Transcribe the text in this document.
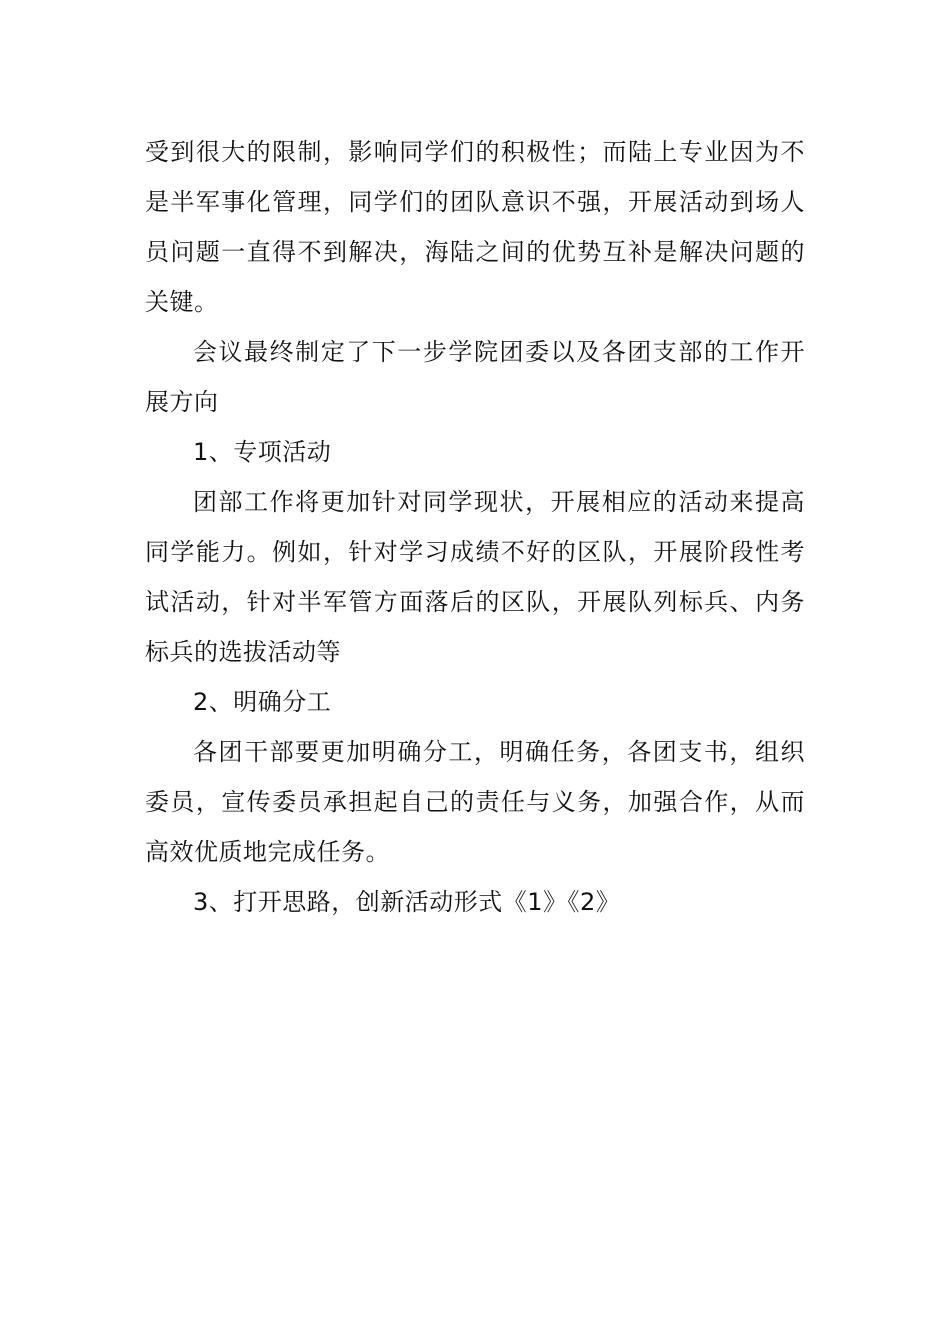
受到很大的限制，影响同学们的积极性；而陆上专业因为不是半军事化管理，同学们的团队意识不强，开展活动到场人员问题一直得不到解决，海陆之间的优势互补是解决问题的关键。

会议最终制定了下一步学院团委以及各团支部的工作开展方向

1、专项活动

团部工作将更加针对同学现状，开展相应的活动来提高同学能力。例如，针对学习成绩不好的区队，开展阶段性考试活动，针对半军管方面落后的区队，开展队列标兵、内务标兵的选拔活动等

2、明确分工

各团干部要更加明确分工，明确任务，各团支书，组织委员，宣传委员承担起自己的责任与义务，加强合作，从而高效优质地完成任务。

3、打开思路，创新活动形式《1》《2》
